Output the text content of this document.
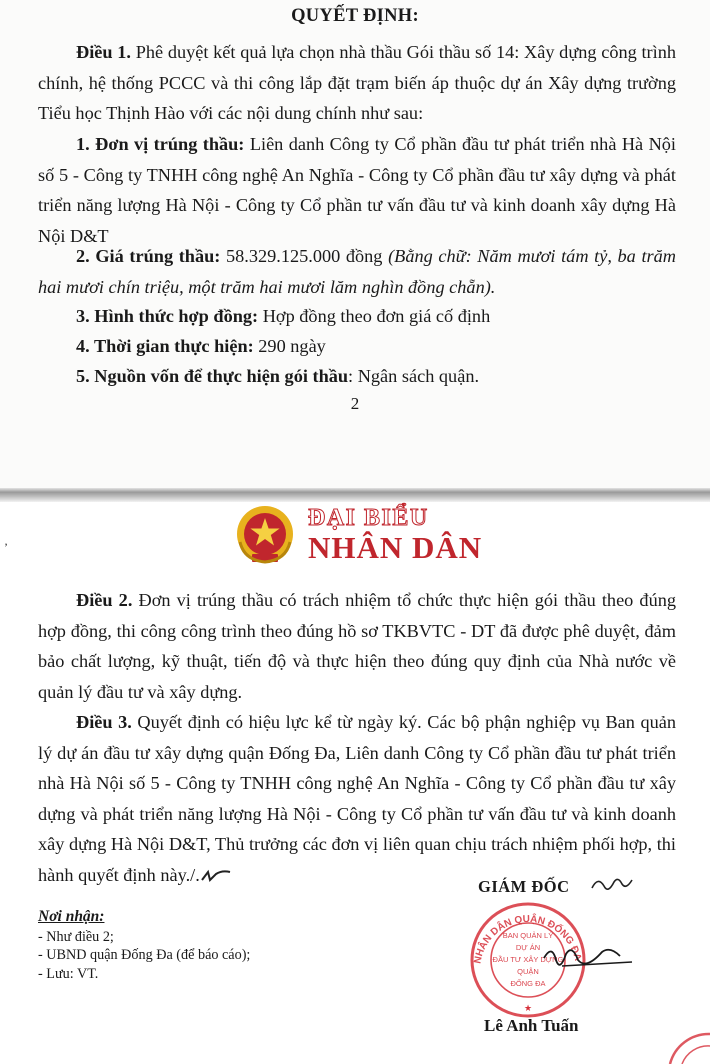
QUYẾT ĐỊNH:

Điều 1. Phê duyệt kết quả lựa chọn nhà thầu Gói thầu số 14: Xây dựng công trình chính, hệ thống PCCC và thi công lắp đặt trạm biến áp thuộc dự án Xây dựng trường Tiểu học Thịnh Hào với các nội dung chính như sau:

1. Đơn vị trúng thầu: Liên danh Công ty Cổ phần đầu tư phát triển nhà Hà Nội số 5 - Công ty TNHH công nghệ An Nghĩa - Công ty Cổ phần đầu tư xây dựng và phát triển năng lượng Hà Nội - Công ty Cổ phần tư vấn đầu tư và kinh doanh xây dựng Hà Nội D&T

2. Giá trúng thầu: 58.329.125.000 đồng (Bằng chữ: Năm mươi tám tỷ, ba trăm hai mươi chín triệu, một trăm hai mươi lăm nghìn đồng chẵn).

3. Hình thức hợp đồng: Hợp đồng theo đơn giá cố định

4. Thời gian thực hiện: 290 ngày

5. Nguồn vốn để thực hiện gói thầu: Ngân sách quận.

2
’
ĐẠI BIỂU
NHÂN DÂN

Điều 2. Đơn vị trúng thầu có trách nhiệm tổ chức thực hiện gói thầu theo đúng hợp đồng, thi công công trình theo đúng hồ sơ TKBVTC - DT đã được phê duyệt, đảm bảo chất lượng, kỹ thuật, tiến độ và thực hiện theo đúng quy định của Nhà nước về quản lý đầu tư và xây dựng.

Điều 3. Quyết định có hiệu lực kể từ ngày ký. Các bộ phận nghiệp vụ Ban quản lý dự án đầu tư xây dựng quận Đống Đa, Liên danh Công ty Cổ phần đầu tư phát triển nhà Hà Nội số 5 - Công ty TNHH công nghệ An Nghĩa - Công ty Cổ phần đầu tư xây dựng và phát triển năng lượng Hà Nội - Công ty Cổ phần tư vấn đầu tư và kinh doanh xây dựng Hà Nội D&T, Thủ trưởng các đơn vị liên quan chịu trách nhiệm phối hợp, thi hành quyết định này./.

GIÁM ĐỐC
Nơi nhận:
- Như điều 2;
- UBND quận Đống Đa (để báo cáo);
- Lưu: VT.
NHÂN DÂN QUẬN ĐỐNG ĐA
BAN QUẢN LÝ
DỰ ÁN
ĐẦU TƯ XÂY DỰNG
QUẬN
ĐỐNG ĐA
★
Lê Anh Tuấn
